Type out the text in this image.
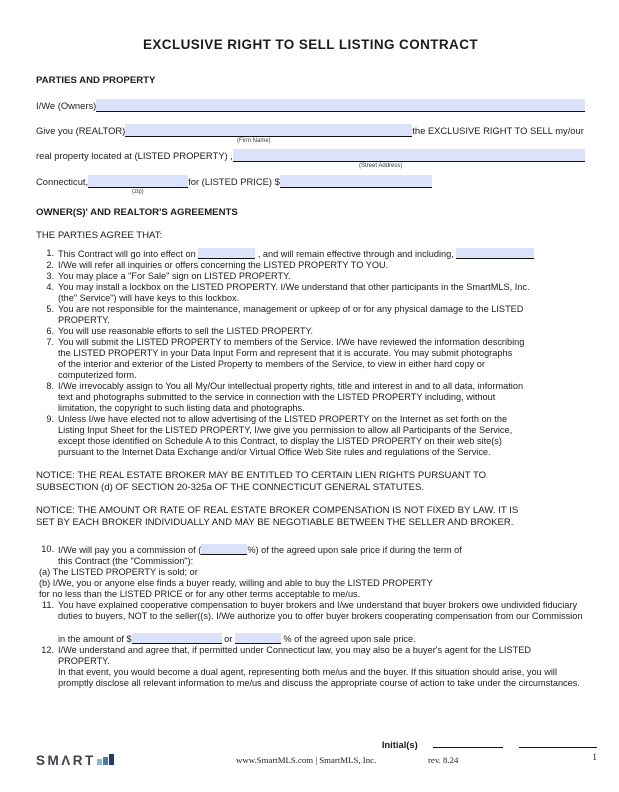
EXCLUSIVE RIGHT TO SELL LISTING CONTRACT
PARTIES AND PROPERTY
I/We (Owners)
Give you (REALTOR)	the EXCLUSIVE RIGHT TO SELL my/our
(Firm Name)
real property located at (LISTED PROPERTY) ,
(Street Address)
Connecticut,	for (LISTED PRICE) $
(zip)
OWNER(S)' AND REALTOR'S AGREEMENTS
THE PARTIES AGREE THAT:
1. This Contract will go into effect on	, and will remain effective through and including,
2. I/We will refer all inquiries or offers concerning the LISTED PROPERTY TO YOU.
3. You may place a "For Sale" sign on LISTED PROPERTY.
4. You may install a lockbox on the LISTED PROPERTY. I/We understand that other participants in the SmartMLS, Inc.
(the" Service") will have keys to this lockbox.
5. You are not responsible for the maintenance, management or upkeep of or for any physical damage to the LISTED
PROPERTY.
6. You will use reasonable efforts to sell the LISTED PROPERTY.
7. You will submit the LISTED PROPERTY to members of the Service. I/We have reviewed the information describing
the LISTED PROPERTY in your Data Input Form and represent that it is accurate. You may submit photographs
of the interior and exterior of the Listed Property to members of the Service, to view in either hard copy or
computerized form.
8. I/We irrevocably assign to You all My/Our intellectual property rights, title and interest in and to all data, information
text and photographs submitted to the service in connection with the LISTED PROPERTY including, without
limitation, the copyright to such listing data and photographs.
9. Unless I/we have elected not to allow advertising of the LISTED PROPERTY on the Internet as set forth on the
Listing Input Sheet for the LISTED PROPERTY, I/we give you permission to allow all Participants of the Service,
except those identified on Schedule A to this Contract, to display the LISTED PROPERTY on their web site(s)
pursuant to the Internet Data Exchange and/or Virtual Office Web Site rules and regulations of the Service.
NOTICE: THE REAL ESTATE BROKER MAY BE ENTITLED TO CERTAIN LIEN RIGHTS PURSUANT TO
SUBSECTION (d) OF SECTION 20-325a OF THE CONNECTICUT GENERAL STATUTES.
NOTICE: THE AMOUNT OR RATE OF REAL ESTATE BROKER COMPENSATION IS NOT FIXED BY LAW. IT IS
SET BY EACH BROKER INDIVIDUALLY AND MAY BE NEGOTIABLE BETWEEN THE SELLER AND BROKER.
10. I/We will pay you a commission of (	%) of the agreed upon sale price if during the term of
this Contract (the "Commission"):
(a) The LISTED PROPERTY is sold; or
(b) I/We, you or anyone else finds a buyer ready, willing and able to buy the LISTED PROPERTY
for no less than the LISTED PRICE or for any other terms acceptable to me/us.
11. You have explained cooperative compensation to buyer brokers and I/we understand that buyer brokers owe undivided fiduciary
duties to buyers, NOT to the seller((s). I/We authorize you to offer buyer brokers cooperating compensation from our Commission

in the amount of $	or	% of the agreed upon sale price.
12. I/We understand and agree that, if permitted under Connecticut law, you may also be a buyer's agent for the LISTED PROPERTY.
In that event, you would become a dual agent, representing both me/us and the buyer. If this situation should arise, you will
promptly disclose all relevant information to me/us and discuss the appropriate course of action to take under the circumstances.
Initial(s)
SMΛRT	www.SmartMLS.com | SmartMLS, Inc.	rev. 8.24	1
